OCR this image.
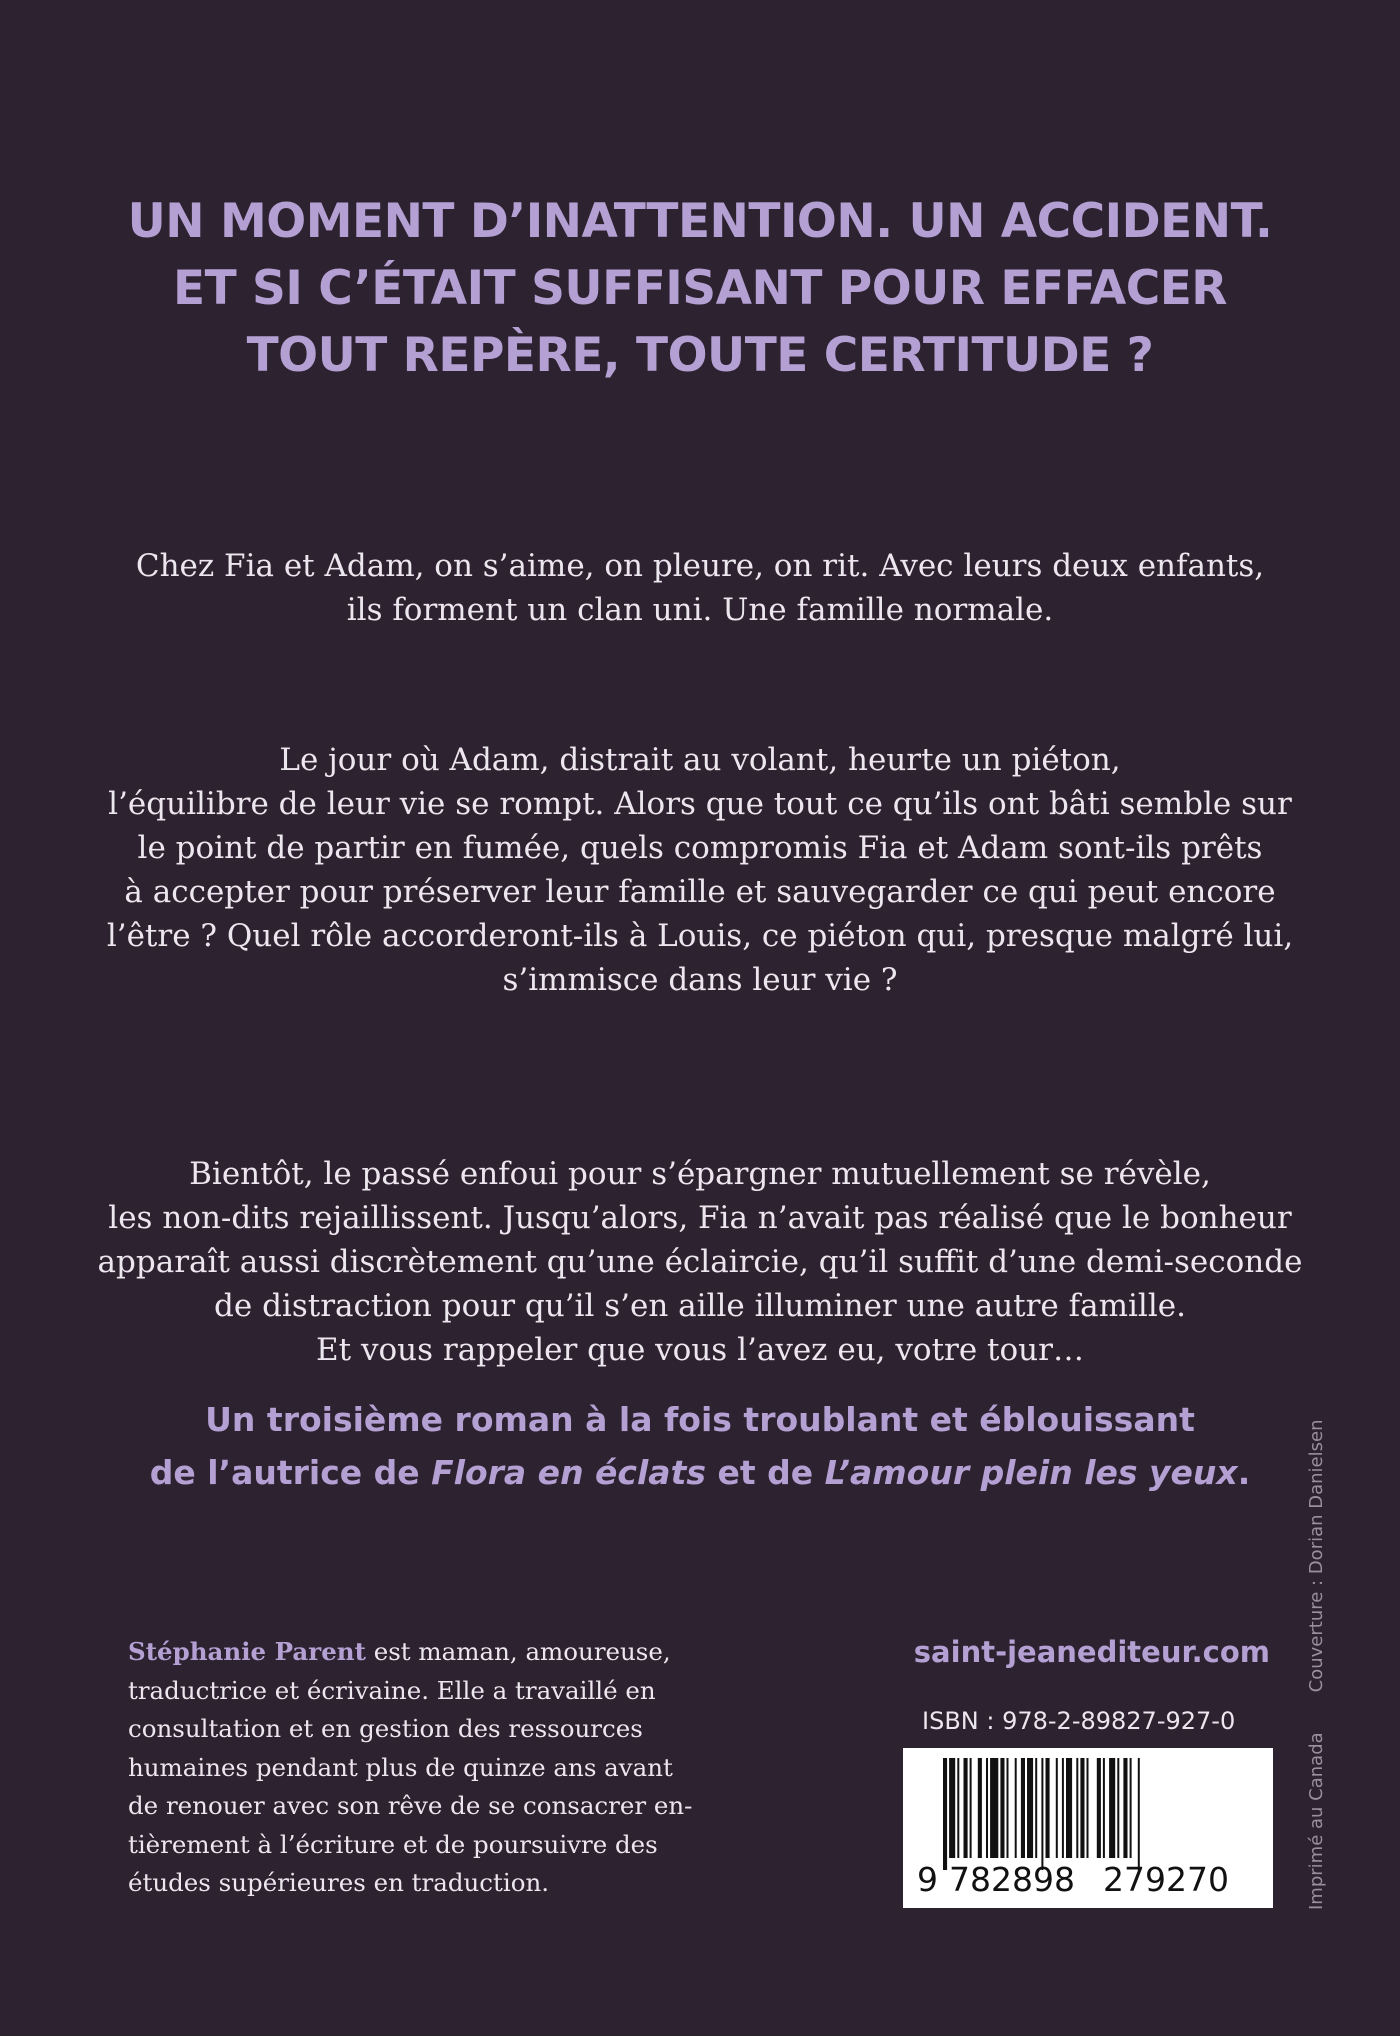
UN MOMENT D’INATTENTION. UN ACCIDENT.
ET SI C’ÉTAIT SUFFISANT POUR EFFACER
TOUT REPÈRE, TOUTE CERTITUDE ?
Chez Fia et Adam, on s’aime, on pleure, on rit. Avec leurs deux enfants,
ils forment un clan uni. Une famille normale.
Le jour où Adam, distrait au volant, heurte un piéton,
l’équilibre de leur vie se rompt. Alors que tout ce qu’ils ont bâti semble sur
le point de partir en fumée, quels compromis Fia et Adam sont-ils prêts
à accepter pour préserver leur famille et sauvegarder ce qui peut encore
l’être ? Quel rôle accorderont-ils à Louis, ce piéton qui, presque malgré lui,
s’immisce dans leur vie ?
Bientôt, le passé enfoui pour s’épargner mutuellement se révèle,
les non-dits rejaillissent. Jusqu’alors, Fia n’avait pas réalisé que le bonheur
apparaît aussi discrètement qu’une éclaircie, qu’il suffit d’une demi-seconde
de distraction pour qu’il s’en aille illuminer une autre famille.
Et vous rappeler que vous l’avez eu, votre tour…
Un troisième roman à la fois troublant et éblouissant
de l’autrice de Flora en éclats et de L’amour plein les yeux.
Stéphanie Parent est maman, amoureuse,
traductrice et écrivaine. Elle a travaillé en
consultation et en gestion des ressources
humaines pendant plus de quinze ans avant
de renouer avec son rêve de se consacrer en-
tièrement à l’écriture et de poursuivre des
études supérieures en traduction.
saint-jeanediteur.com
ISBN : 978-2-89827-927-0
9 782898 279270	Imprimé au CanadaCouverture : Dorian Danielsen
